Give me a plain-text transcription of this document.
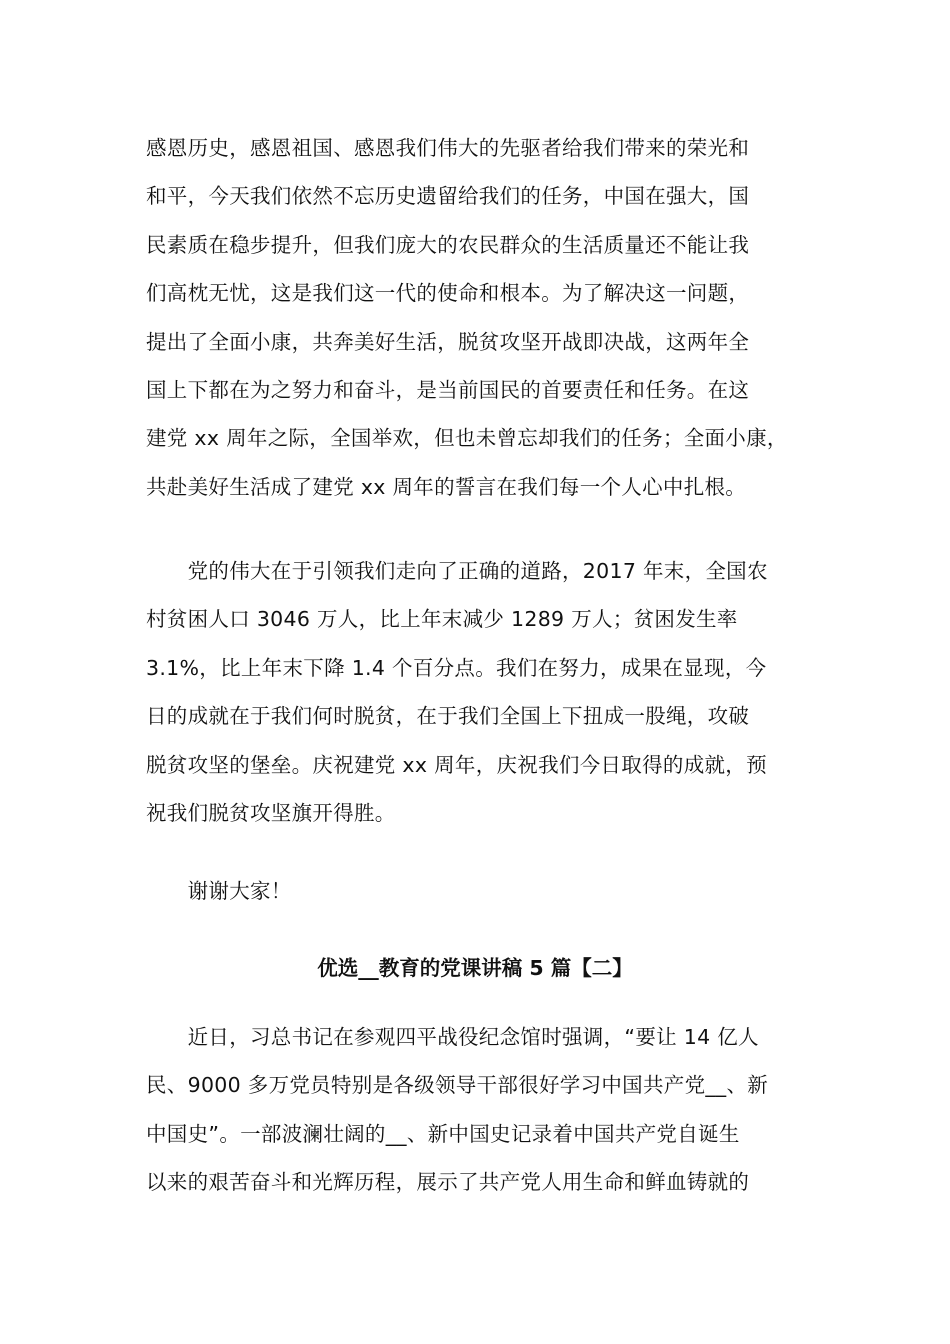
感恩历史，感恩祖国、感恩我们伟大的先驱者给我们带来的荣光和
和平，今天我们依然不忘历史遗留给我们的任务，中国在强大，国
民素质在稳步提升，但我们庞大的农民群众的生活质量还不能让我
们高枕无忧，这是我们这一代的使命和根本。为了解决这一问题，
提出了全面小康，共奔美好生活，脱贫攻坚开战即决战，这两年全
国上下都在为之努力和奋斗，是当前国民的首要责任和任务。在这
建党 xx 周年之际，全国举欢，但也未曾忘却我们的任务；全面小康，
共赴美好生活成了建党 xx 周年的誓言在我们每一个人心中扎根。
　　党的伟大在于引领我们走向了正确的道路，2017 年末，全国农
村贫困人口 3046 万人，比上年末减少 1289 万人；贫困发生率
3.1%，比上年末下降 1.4 个百分点。我们在努力，成果在显现，今
日的成就在于我们何时脱贫，在于我们全国上下扭成一股绳，攻破
脱贫攻坚的堡垒。庆祝建党 xx 周年，庆祝我们今日取得的成就，预
祝我们脱贫攻坚旗开得胜。
　　谢谢大家！
优选__教育的党课讲稿 5 篇【二】
　　近日，习总书记在参观四平战役纪念馆时强调，“要让 14 亿人
民、9000 多万党员特别是各级领导干部很好学习中国共产党__、新
中国史”。一部波澜壮阔的__、新中国史记录着中国共产党自诞生
以来的艰苦奋斗和光辉历程，展示了共产党人用生命和鲜血铸就的
